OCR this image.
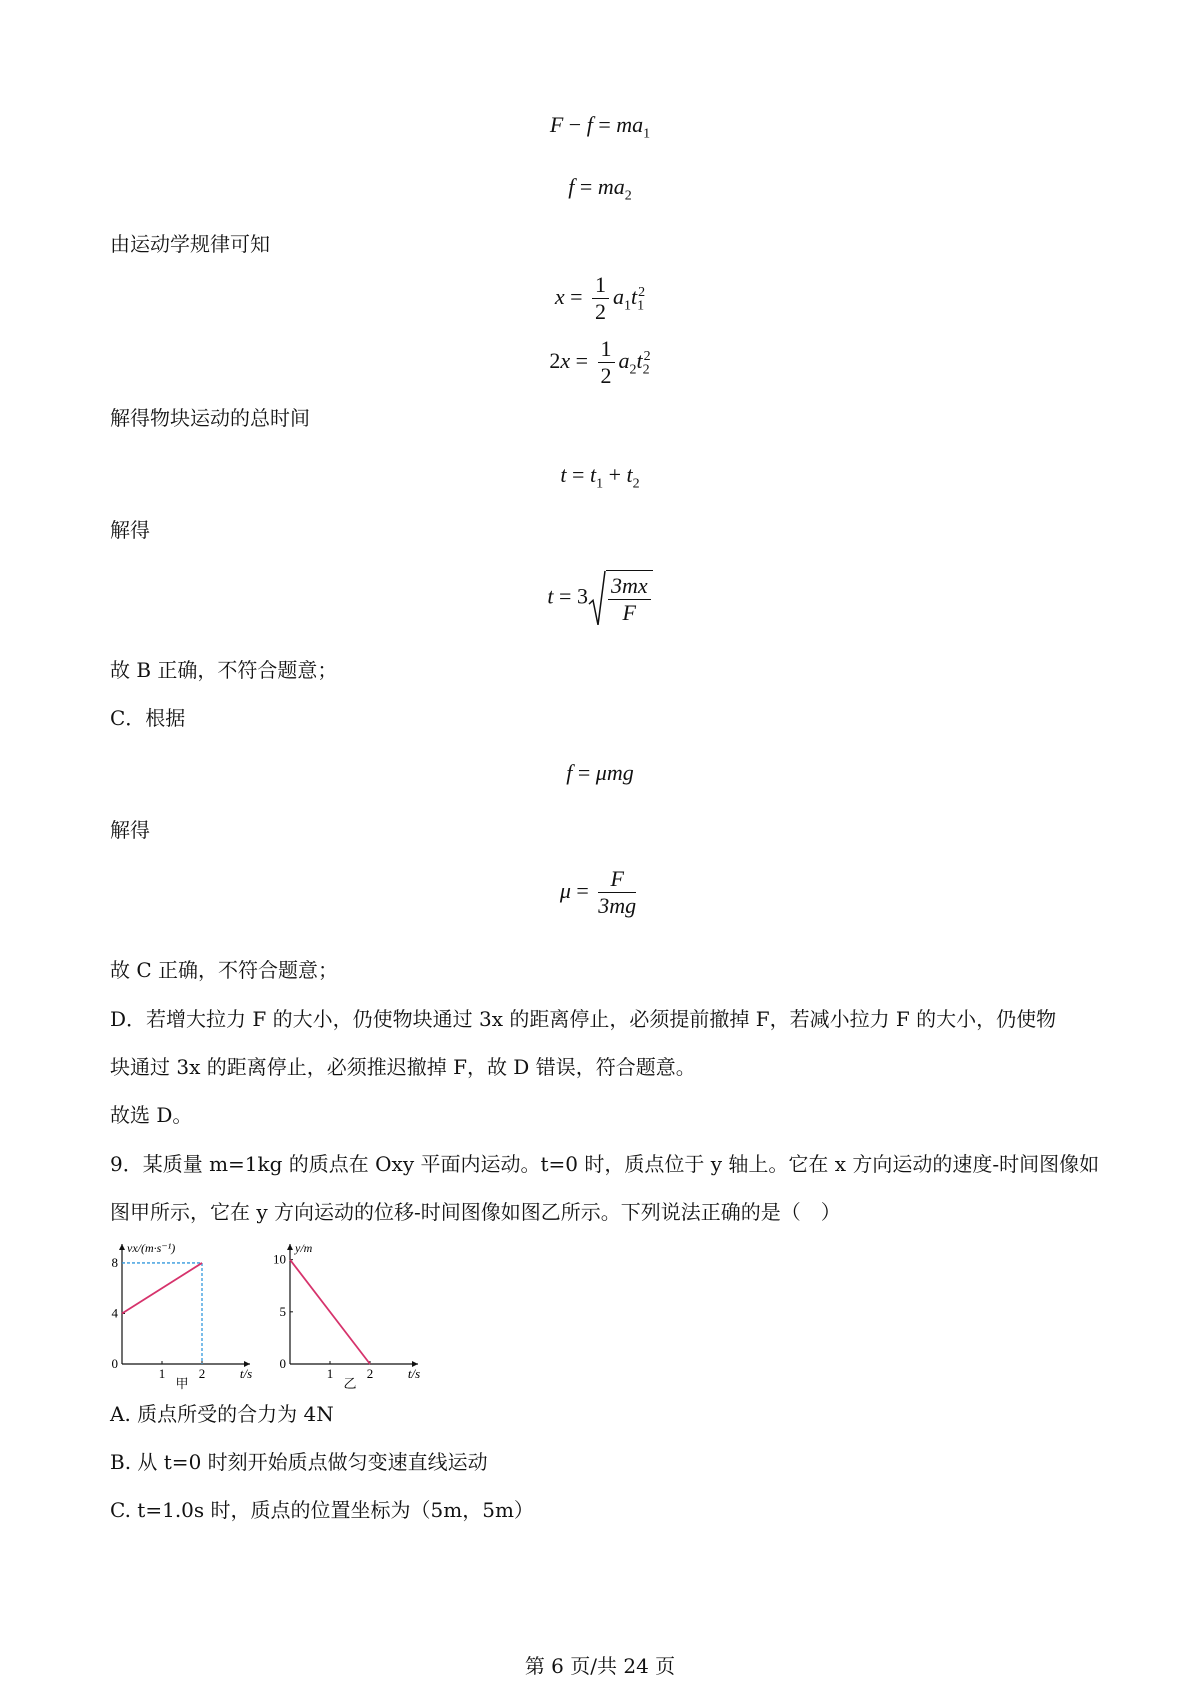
$F - f = ma_1$
$f = ma_2$
由运动学规律可知
$x = \frac{1}{2} a_1t_1^2$
$2x = \frac{1}{2} a_2t_2^2$
解得物块运动的总时间
$t = t_1 + t_2$
解得
$t = 3 \frac{3mx}{F}$
故 B 正确，不符合题意；
C．根据
f = μmg
解得
$\mu = \frac{F}{3mg}$
故 C 正确，不符合题意；
D．若增大拉力 F 的大小，仍使物块通过 3x 的距离停止，必须提前撤掉 F，若减小拉力 F 的大小，仍使物
块通过 3x 的距离停止，必须推迟撤掉 F，故 D 错误，符合题意。
故选 D。
9．某质量 m=1kg 的质点在 Oxy 平面内运动。t=0 时，质点位于 y 轴上。它在 x 方向运动的速度-时间图像如
图甲所示，它在 y 方向运动的位移-时间图像如图乙所示。下列说法正确的是（　）
1	2
4
8
0
t/s
vx/(m·s⁻¹)
甲
1	2
5
10
0
t/s
y/m
乙
A. 质点所受的合力为 4N
B. 从 t=0 时刻开始质点做匀变速直线运动
C. t=1.0s 时，质点的位置坐标为（5m，5m）
第 6 页/共 24 页
